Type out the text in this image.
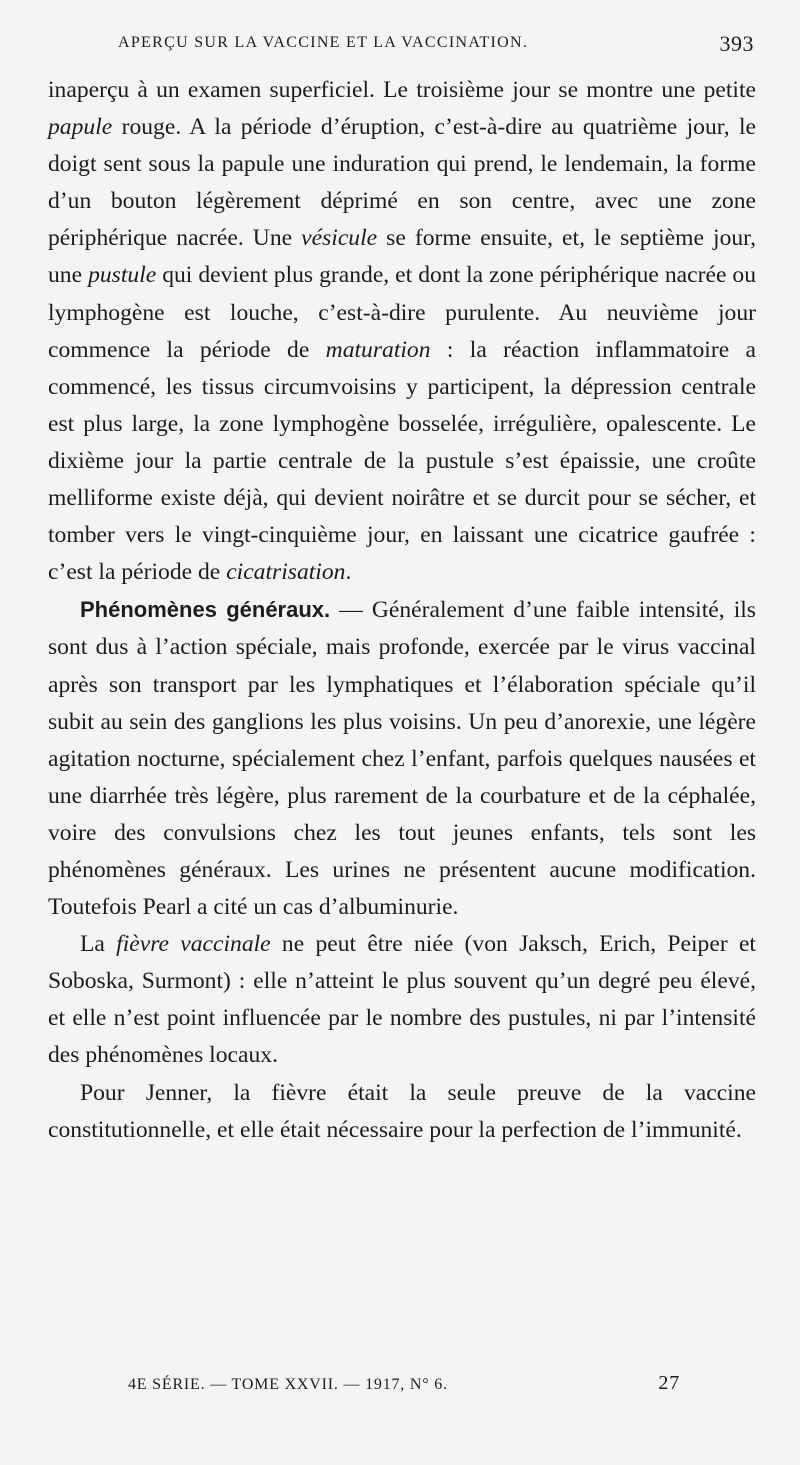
APERÇU SUR LA VACCINE ET LA VACCINATION.	393

inaperçu à un examen superficiel. Le troisième jour se montre une petite papule rouge. A la période d’éruption, c’est-à-dire au quatrième jour, le doigt sent sous la papule une induration qui prend, le lendemain, la forme d’un bouton légèrement déprimé en son centre, avec une zone périphérique nacrée. Une vésicule se forme ensuite, et, le septième jour, une pustule qui devient plus grande, et dont la zone périphérique nacrée ou lymphogène est louche, c’est-à-dire purulente. Au neuvième jour commence la période de maturation : la réaction inflammatoire a commencé, les tissus circumvoisins y participent, la dépression centrale est plus large, la zone lymphogène bosselée, irrégulière, opalescente. Le dixième jour la partie centrale de la pustule s’est épaissie, une croûte melliforme existe déjà, qui devient noirâtre et se durcit pour se sécher, et tomber vers le vingt-cinquième jour, en laissant une cicatrice gaufrée : c’est la période de cicatrisation.

Phénomènes généraux. — Généralement d’une faible intensité, ils sont dus à l’action spéciale, mais profonde, exercée par le virus vaccinal après son transport par les lymphatiques et l’élaboration spéciale qu’il subit au sein des ganglions les plus voisins. Un peu d’anorexie, une légère agitation nocturne, spécialement chez l’enfant, parfois quelques nausées et une diarrhée très légère, plus rarement de la courbature et de la céphalée, voire des convulsions chez les tout jeunes enfants, tels sont les phénomènes généraux. Les urines ne présentent aucune modification. Toutefois Pearl a cité un cas d’albuminurie.

La fièvre vaccinale ne peut être niée (von Jaksch, Erich, Peiper et Soboska, Surmont) : elle n’atteint le plus souvent qu’un degré peu élevé, et elle n’est point influencée par le nombre des pustules, ni par l’intensité des phénomènes locaux.

Pour Jenner, la fièvre était la seule preuve de la vaccine constitutionnelle, et elle était nécessaire pour la perfection de l’immunité.

4E SÉRIE. — TOME XXVII. — 1917, N° 6.	27
